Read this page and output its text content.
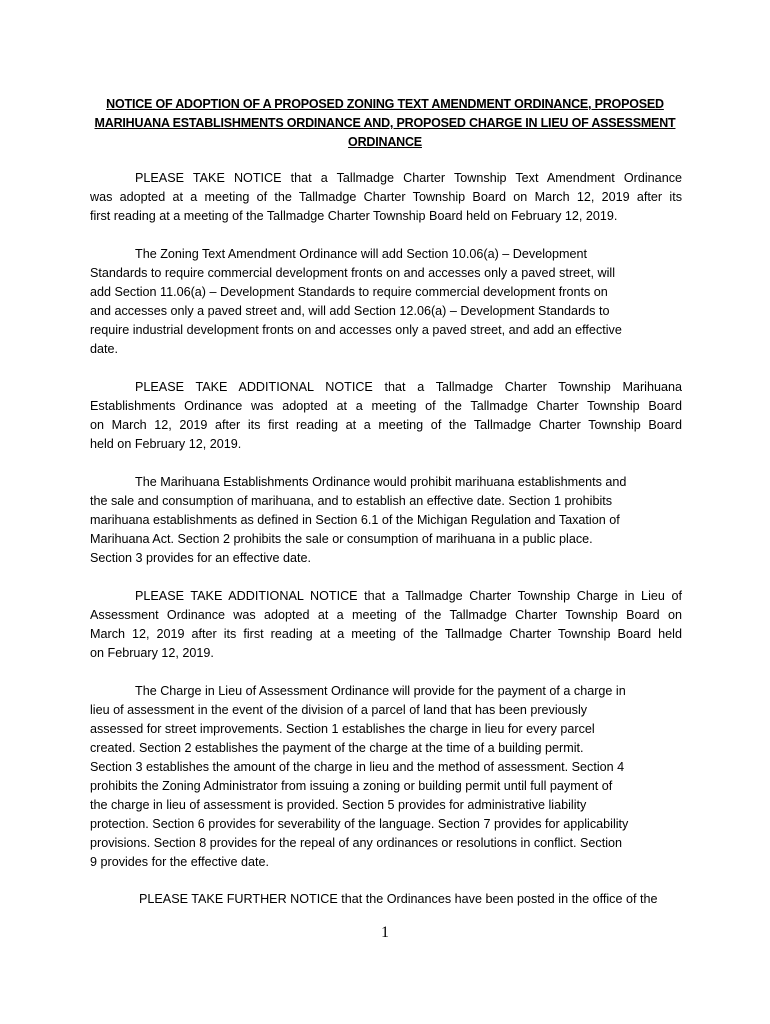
NOTICE OF ADOPTION OF A PROPOSED ZONING TEXT AMENDMENT ORDINANCE, PROPOSED
MARIHUANA ESTABLISHMENTS ORDINANCE AND, PROPOSED CHARGE IN LIEU OF ASSESSMENT
ORDINANCE
PLEASE TAKE NOTICE that a Tallmadge Charter Township Text Amendment Ordinance
was adopted at a meeting of the Tallmadge Charter Township Board on March 12, 2019 after its
first reading at a meeting of the Tallmadge Charter Township Board held on February 12, 2019.
The Zoning Text Amendment Ordinance will add Section 10.06(a) – Development
Standards to require commercial development fronts on and accesses only a paved street, will
add Section 11.06(a) – Development Standards to require commercial development fronts on
and accesses only a paved street and, will add Section 12.06(a) – Development Standards to
require industrial development fronts on and accesses only a paved street, and add an effective
date.
PLEASE TAKE ADDITIONAL NOTICE that a Tallmadge Charter Township Marihuana
Establishments Ordinance was adopted at a meeting of the Tallmadge Charter Township Board
on March 12, 2019 after its first reading at a meeting of the Tallmadge Charter Township Board
held on February 12, 2019.
The Marihuana Establishments Ordinance would prohibit marihuana establishments and
the sale and consumption of marihuana, and to establish an effective date. Section 1 prohibits
marihuana establishments as defined in Section 6.1 of the Michigan Regulation and Taxation of
Marihuana Act. Section 2 prohibits the sale or consumption of marihuana in a public place.
Section 3 provides for an effective date.
PLEASE TAKE ADDITIONAL NOTICE that a Tallmadge Charter Township Charge in Lieu of
Assessment Ordinance was adopted at a meeting of the Tallmadge Charter Township Board on
March 12, 2019 after its first reading at a meeting of the Tallmadge Charter Township Board held
on February 12, 2019.
The Charge in Lieu of Assessment Ordinance will provide for the payment of a charge in
lieu of assessment in the event of the division of a parcel of land that has been previously
assessed for street improvements. Section 1 establishes the charge in lieu for every parcel
created. Section 2 establishes the payment of the charge at the time of a building permit.
Section 3 establishes the amount of the charge in lieu and the method of assessment. Section 4
prohibits the Zoning Administrator from issuing a zoning or building permit until full payment of
the charge in lieu of assessment is provided. Section 5 provides for administrative liability
protection. Section 6 provides for severability of the language. Section 7 provides for applicability
provisions. Section 8 provides for the repeal of any ordinances or resolutions in conflict. Section
9 provides for the effective date.
PLEASE TAKE FURTHER NOTICE that the Ordinances have been posted in the office of the
1
